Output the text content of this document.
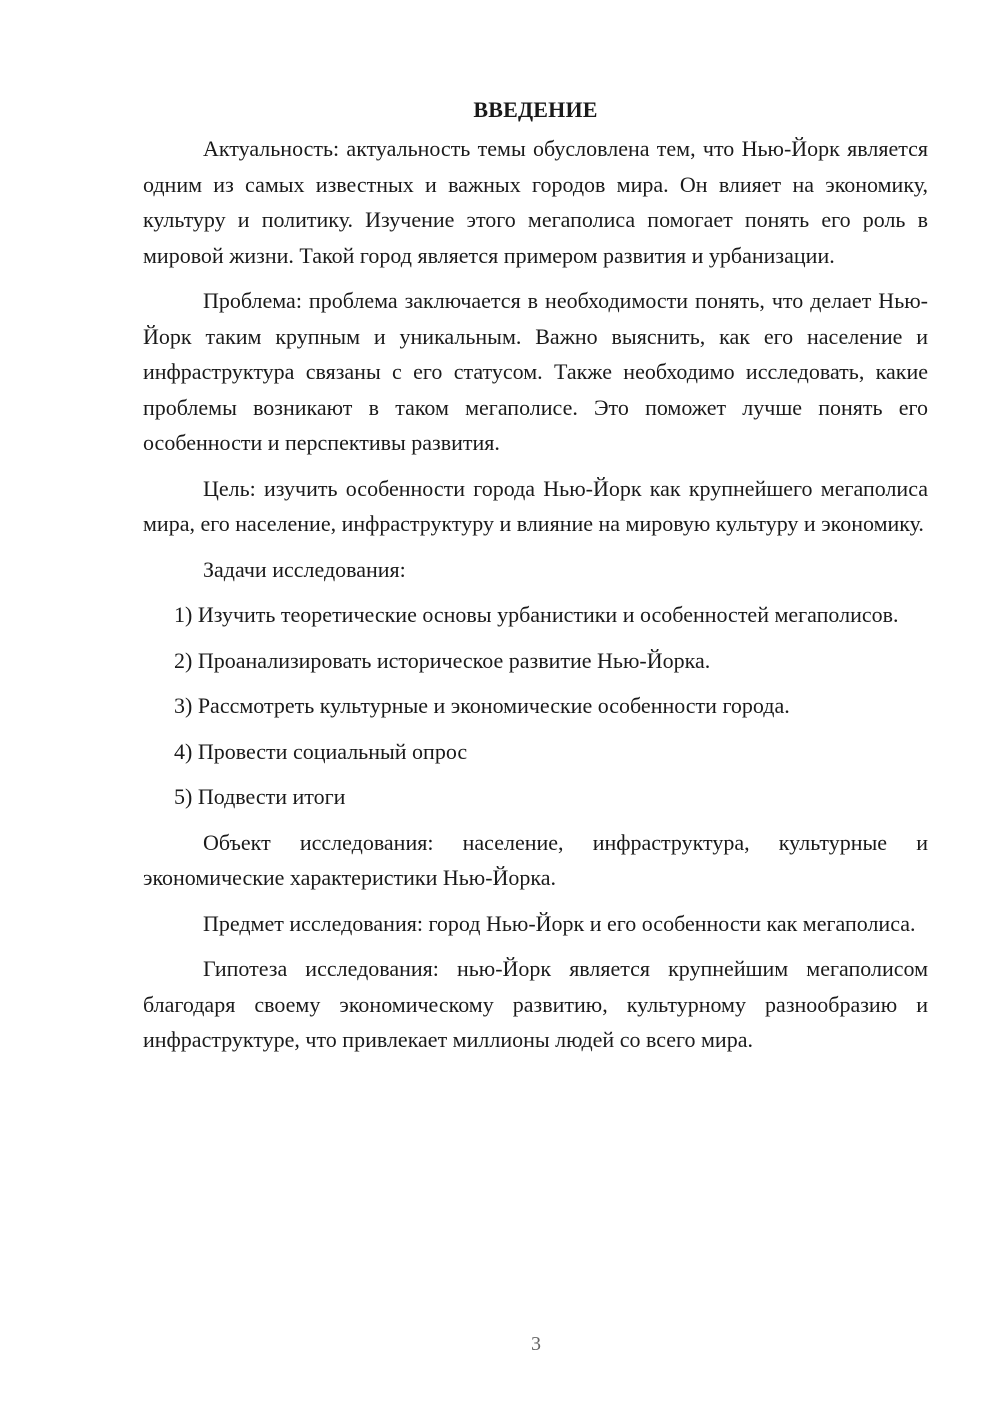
ВВЕДЕНИЕ

Актуальность: актуальность темы обусловлена тем, что Нью-Йорк является одним из самых известных и важных городов мира. Он влияет на экономику, культуру и политику. Изучение этого мегаполиса помогает понять его роль в мировой жизни. Такой город является примером развития и урбанизации.

Проблема: проблема заключается в необходимости понять, что делает Нью-Йорк таким крупным и уникальным. Важно выяснить, как его население и инфраструктура связаны с его статусом. Также необходимо исследовать, какие проблемы возникают в таком мегаполисе. Это поможет лучше понять его особенности и перспективы развития.

Цель: изучить особенности города Нью-Йорк как крупнейшего мегаполиса мира, его население, инфраструктуру и влияние на мировую культуру и экономику.

Задачи исследования:

1) Изучить теоретические основы урбанистики и особенностей мегаполисов.

2) Проанализировать историческое развитие Нью-Йорка.

3) Рассмотреть культурные и экономические особенности города.

4) Провести социальный опрос

5) Подвести итоги

Объект исследования: население, инфраструктура, культурные и экономические характеристики Нью-Йорка.

Предмет исследования: город Нью-Йорк и его особенности как мегаполиса.

Гипотеза исследования: нью-Йорк является крупнейшим мегаполисом благодаря своему экономическому развитию, культурному разнообразию и инфраструктуре, что привлекает миллионы людей со всего мира.

3
